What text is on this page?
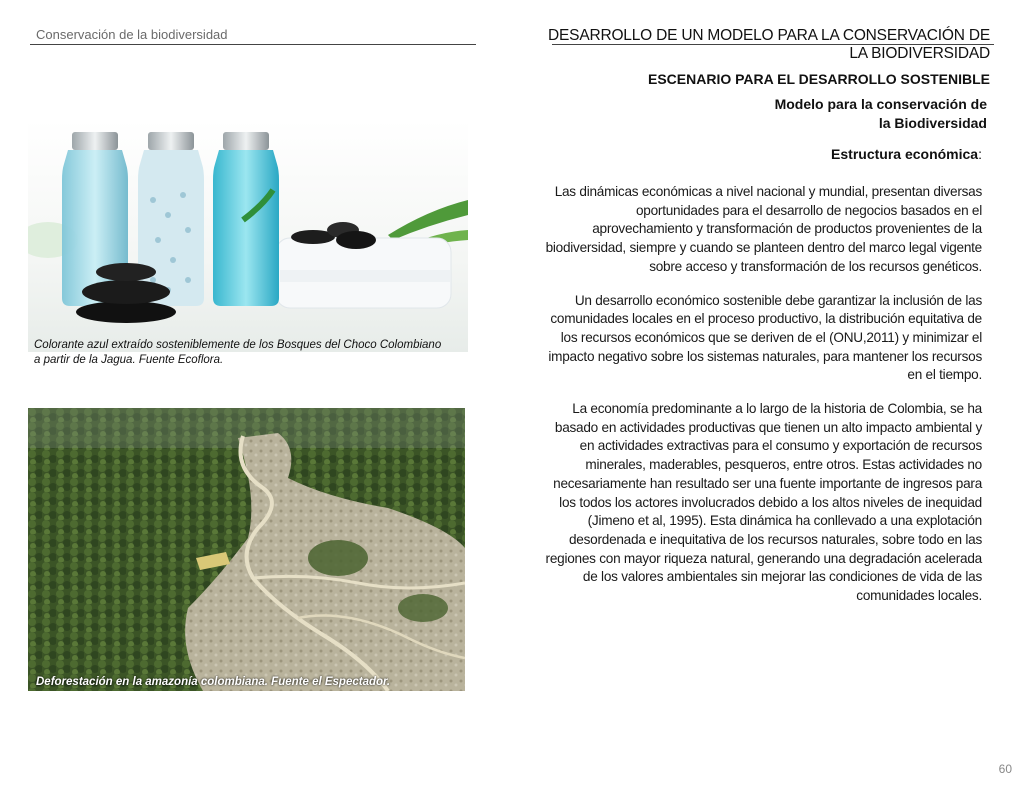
Conservación de la biodiversidad	DESARROLLO DE UN MODELO PARA LA CONSERVACIÓN DE LA BIODIVERSIDAD
ESCENARIO PARA EL DESARROLLO SOSTENIBLE
Modelo para la conservación de
la Biodiversidad
Estructura económica:

Las dinámicas económicas a nivel nacional y mundial, presentan diversas oportunidades para el desarrollo de negocios basados en el aprovechamiento y transformación de productos provenientes de la biodiversidad, siempre y cuando se planteen dentro del marco legal vigente sobre acceso y transformación de los recursos genéticos.

Un desarrollo económico sostenible debe garantizar la inclusión de las comunidades locales en el proceso productivo, la distribución equitativa de los recursos económicos que se deriven de el (ONU,2011) y minimizar el impacto negativo sobre los sistemas naturales, para mantener los recursos en el tiempo.

La economía predominante a lo largo de la historia de Colombia, se ha basado en actividades productivas que tienen un alto impacto ambiental y en actividades extractivas para el consumo y exportación de recursos minerales, maderables, pesqueros, entre otros. Estas actividades no necesariamente han resultado ser una fuente importante de ingresos para los todos los actores involucrados debido a los altos niveles de inequidad (Jimeno et al, 1995). Esta dinámica ha conllevado a una explotación desordenada e inequitativa de los recursos naturales, sobre todo en las regiones con mayor riqueza natural, generando una degradación acelerada de los valores ambientales sin mejorar las condiciones de vida de las comunidades locales.

Colorante azul extraído sosteniblemente de los Bosques del Choco Colombiano a partir de la Jagua. Fuente Ecoflora.
Deforestación en la amazonía colombiana. Fuente el Espectador.
60
